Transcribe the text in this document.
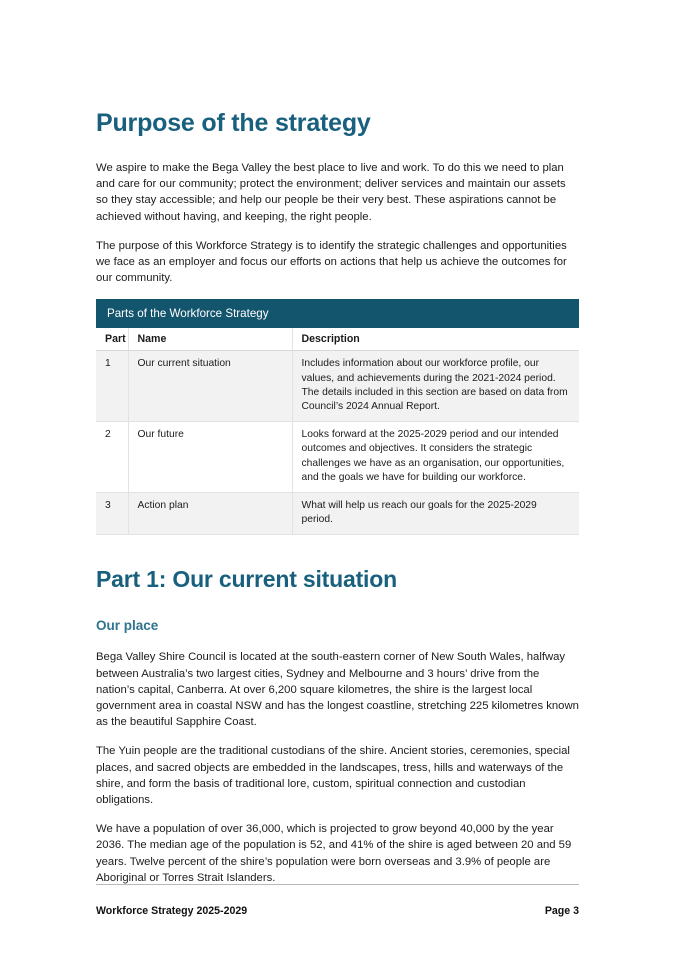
Purpose of the strategy

We aspire to make the Bega Valley the best place to live and work. To do this we need to plan and care for our community; protect the environment; deliver services and maintain our assets so they stay accessible; and help our people be their very best. These aspirations cannot be achieved without having, and keeping, the right people.

The purpose of this Workforce Strategy is to identify the strategic challenges and opportunities we face as an employer and focus our efforts on actions that help us achieve the outcomes for our community.

Parts of the Workforce Strategy
Part	Name	Description
1	Our current situation	Includes information about our workforce profile, our values, and achievements during the 2021-2024 period. The details included in this section are based on data from Council’s 2024 Annual Report.
2	Our future	Looks forward at the 2025-2029 period and our intended outcomes and objectives. It considers the strategic challenges we have as an organisation, our opportunities, and the goals we have for building our workforce.
3	Action plan	What will help us reach our goals for the 2025-2029 period.
Part 1: Our current situation
Our place

Bega Valley Shire Council is located at the south-eastern corner of New South Wales, halfway between Australia’s two largest cities, Sydney and Melbourne and 3 hours’ drive from the nation’s capital, Canberra. At over 6,200 square kilometres, the shire is the largest local government area in coastal NSW and has the longest coastline, stretching 225 kilometres known as the beautiful Sapphire Coast.

The Yuin people are the traditional custodians of the shire. Ancient stories, ceremonies, special places, and sacred objects are embedded in the landscapes, tress, hills and waterways of the shire, and form the basis of traditional lore, custom, spiritual connection and custodian obligations.

We have a population of over 36,000, which is projected to grow beyond 40,000 by the year 2036. The median age of the population is 52, and 41% of the shire is aged between 20 and 59 years. Twelve percent of the shire’s population were born overseas and 3.9% of people are Aboriginal or Torres Strait Islanders.

Workforce Strategy 2025-2029	Page 3
